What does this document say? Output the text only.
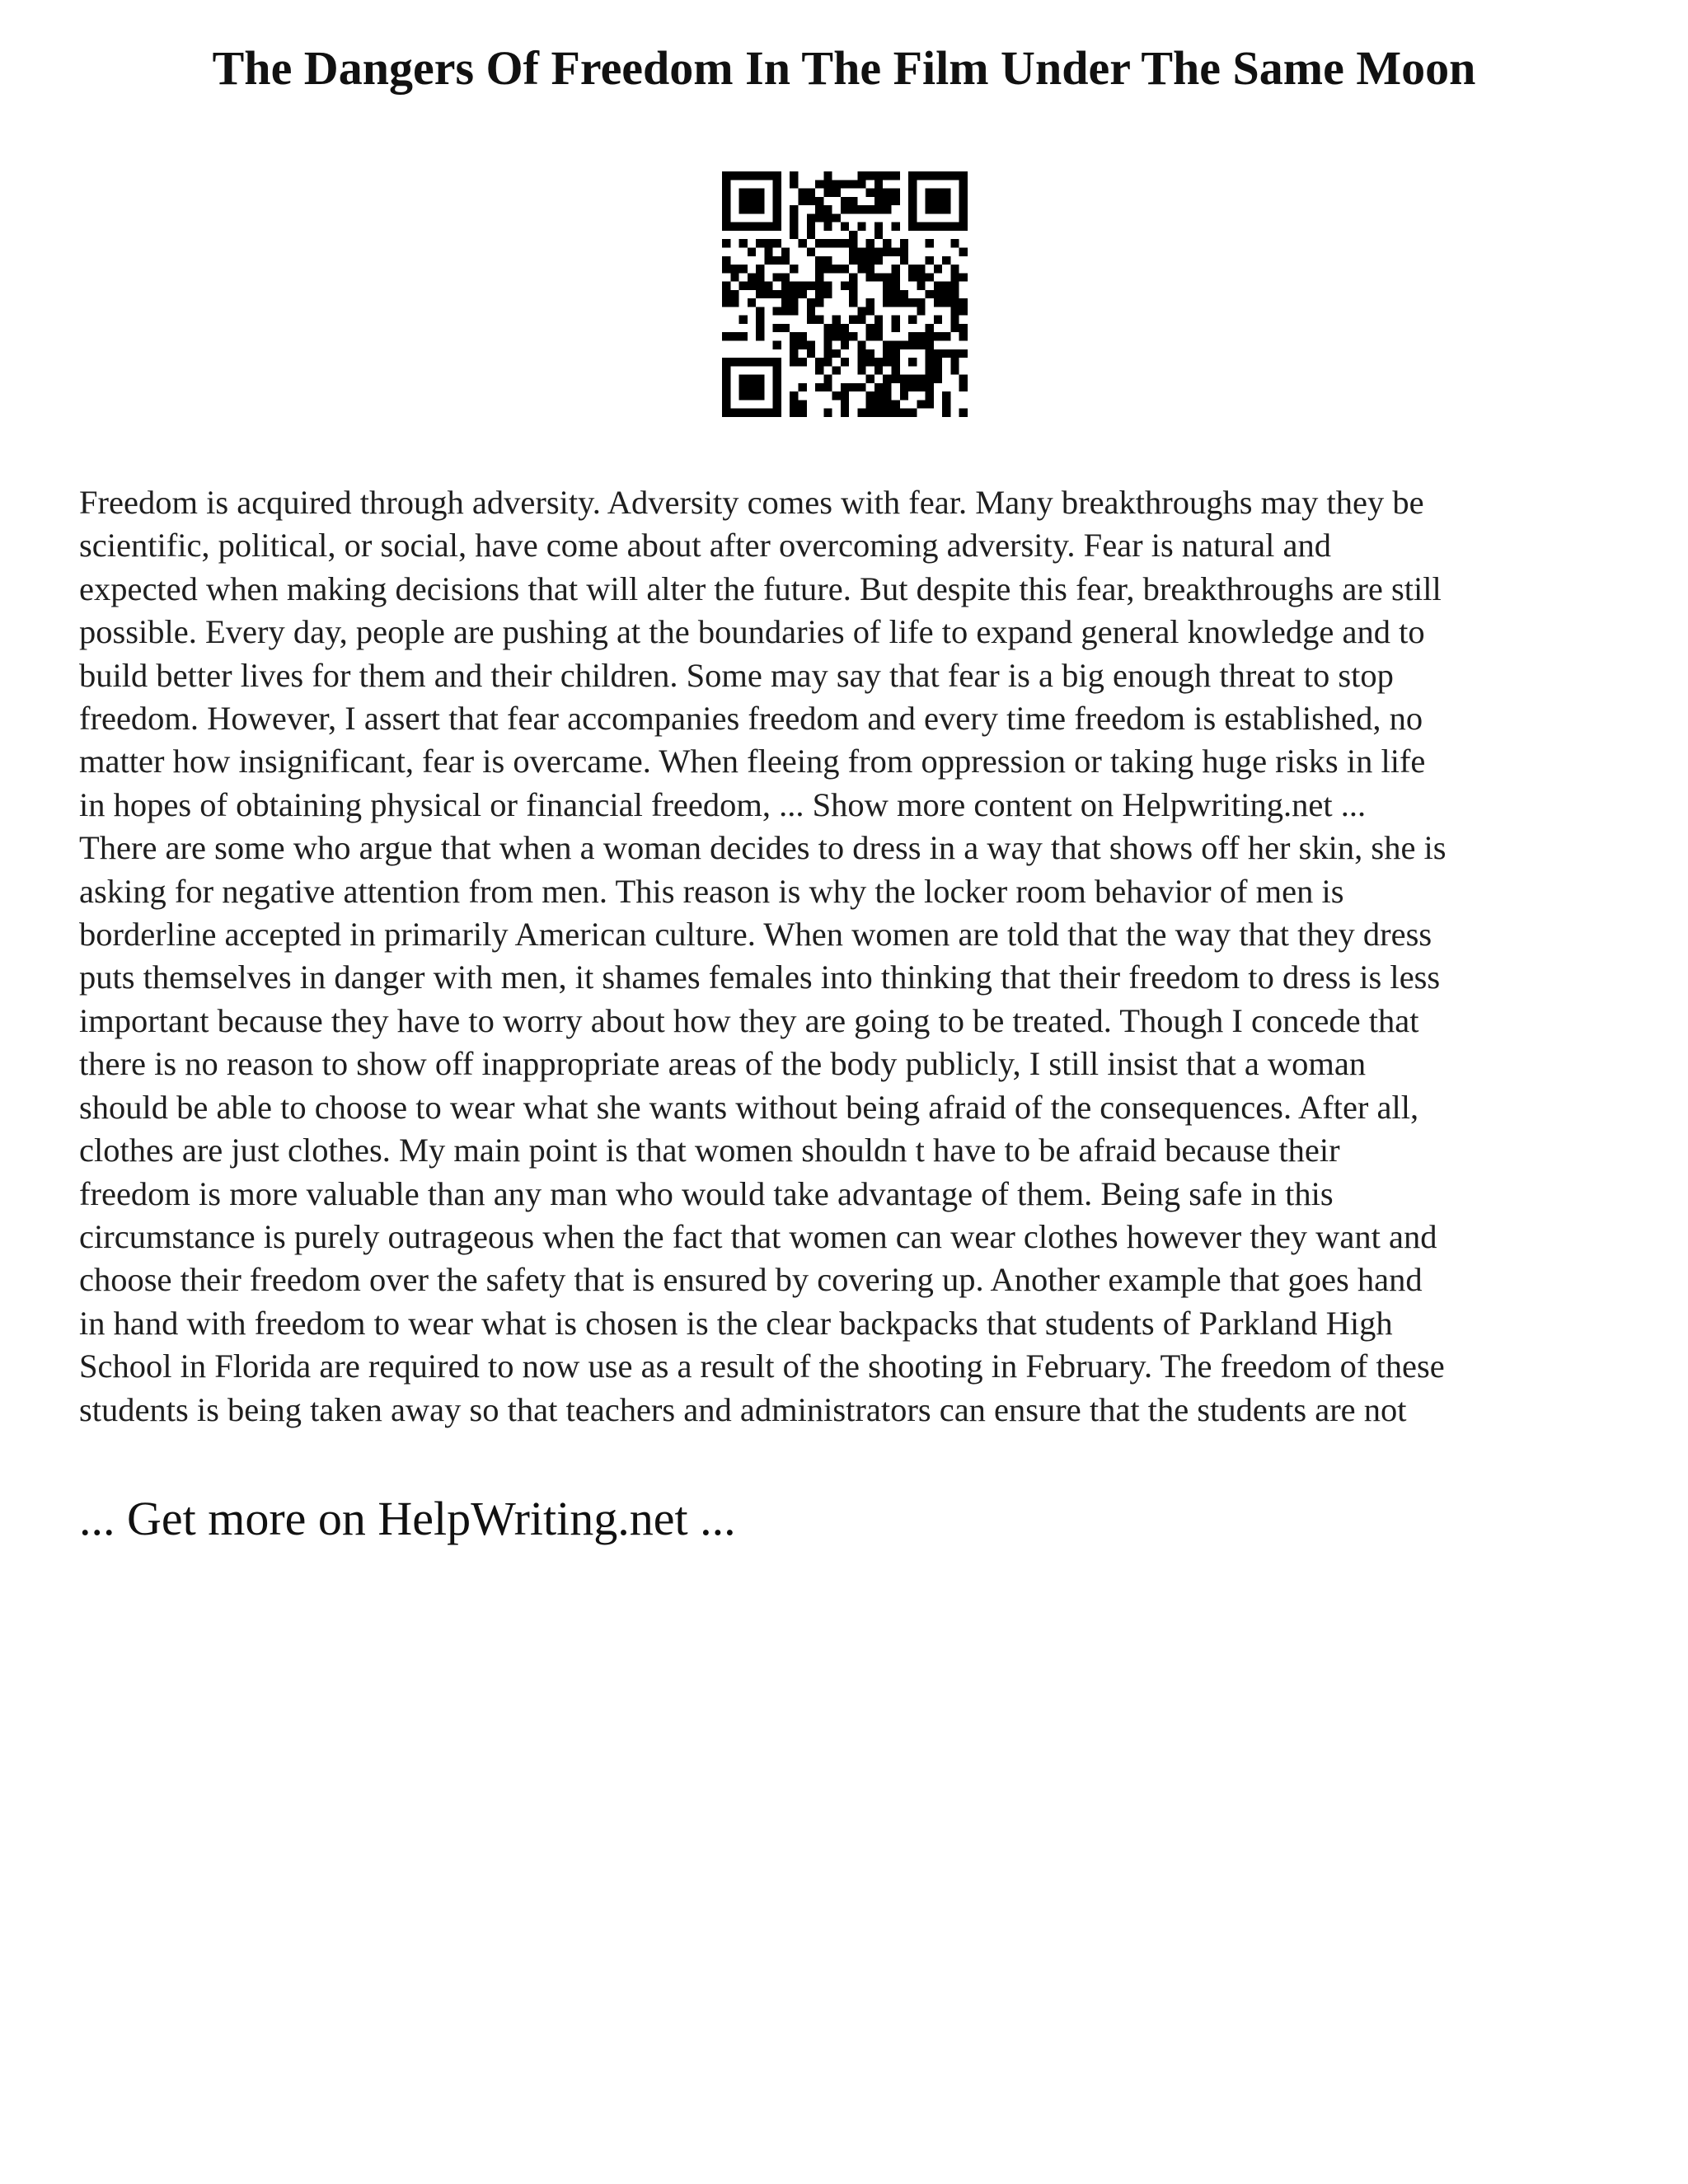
The Dangers Of Freedom In The Film Under The Same Moon
Freedom is acquired through adversity. Adversity comes with fear. Many breakthroughs may they be
scientific, political, or social, have come about after overcoming adversity. Fear is natural and
expected when making decisions that will alter the future. But despite this fear, breakthroughs are still
possible. Every day, people are pushing at the boundaries of life to expand general knowledge and to
build better lives for them and their children. Some may say that fear is a big enough threat to stop
freedom. However, I assert that fear accompanies freedom and every time freedom is established, no
matter how insignificant, fear is overcame. When fleeing from oppression or taking huge risks in life
in hopes of obtaining physical or financial freedom, ... Show more content on Helpwriting.net ...
There are some who argue that when a woman decides to dress in a way that shows off her skin, she is
asking for negative attention from men. This reason is why the locker room behavior of men is
borderline accepted in primarily American culture. When women are told that the way that they dress
puts themselves in danger with men, it shames females into thinking that their freedom to dress is less
important because they have to worry about how they are going to be treated. Though I concede that
there is no reason to show off inappropriate areas of the body publicly, I still insist that a woman
should be able to choose to wear what she wants without being afraid of the consequences. After all,
clothes are just clothes. My main point is that women shouldn t have to be afraid because their
freedom is more valuable than any man who would take advantage of them. Being safe in this
circumstance is purely outrageous when the fact that women can wear clothes however they want and
choose their freedom over the safety that is ensured by covering up. Another example that goes hand
in hand with freedom to wear what is chosen is the clear backpacks that students of Parkland High
School in Florida are required to now use as a result of the shooting in February. The freedom of these
students is being taken away so that teachers and administrators can ensure that the students are not

... Get more on HelpWriting.net ...
